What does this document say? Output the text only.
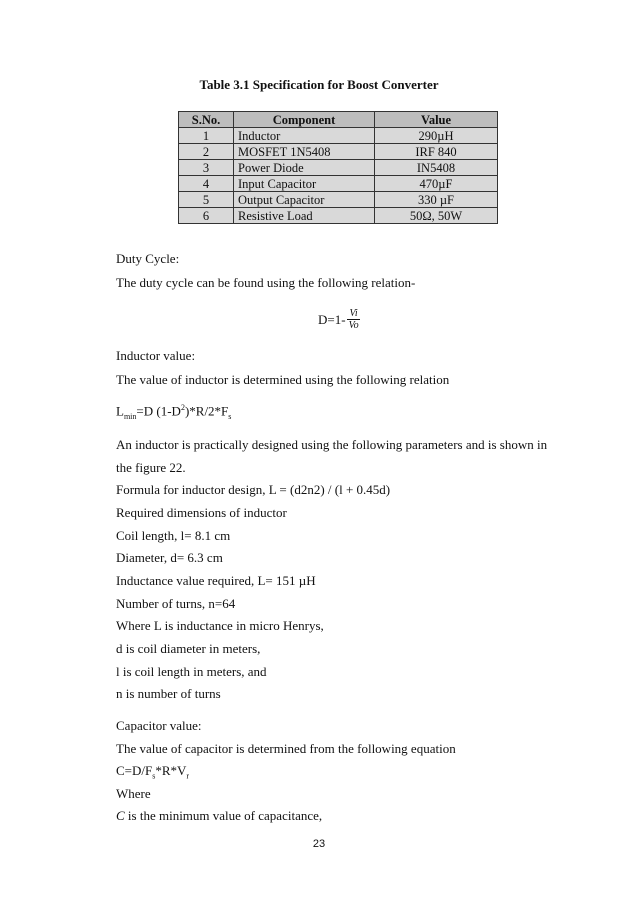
Table 3.1 Specification for Boost Converter
S.No.	Component	Value
1	Inductor	290µH
2	MOSFET 1N5408	IRF 840
3	Power Diode	IN5408
4	Input Capacitor	470µF
5	Output Capacitor	330 µF
6	Resistive Load	50Ω, 50W
Duty Cycle:
The duty cycle can be found using the following relation-
$D=1- \frac{Vi}{Vo}$
Inductor value:
The value of inductor is determined using the following relation
$L_{min}=D$ $(1-D^2)*R/2*F_s$
An inductor is practically designed using the following parameters and is shown in
the figure 22.
Formula for inductor design, L = (d2n2) / (l + 0.45d)
Required dimensions of inductor
Coil length, l= 8.1 cm
Diameter, d= 6.3 cm
Inductance value required, L= 151 µH
Number of turns, n=64
Where L is inductance in micro Henrys,
d is coil diameter in meters,
l is coil length in meters, and
n is number of turns
Capacitor value:
The value of capacitor is determined from the following equation
$C=D/F_s*R*V_r$
Where
C is the minimum value of capacitance,
23
